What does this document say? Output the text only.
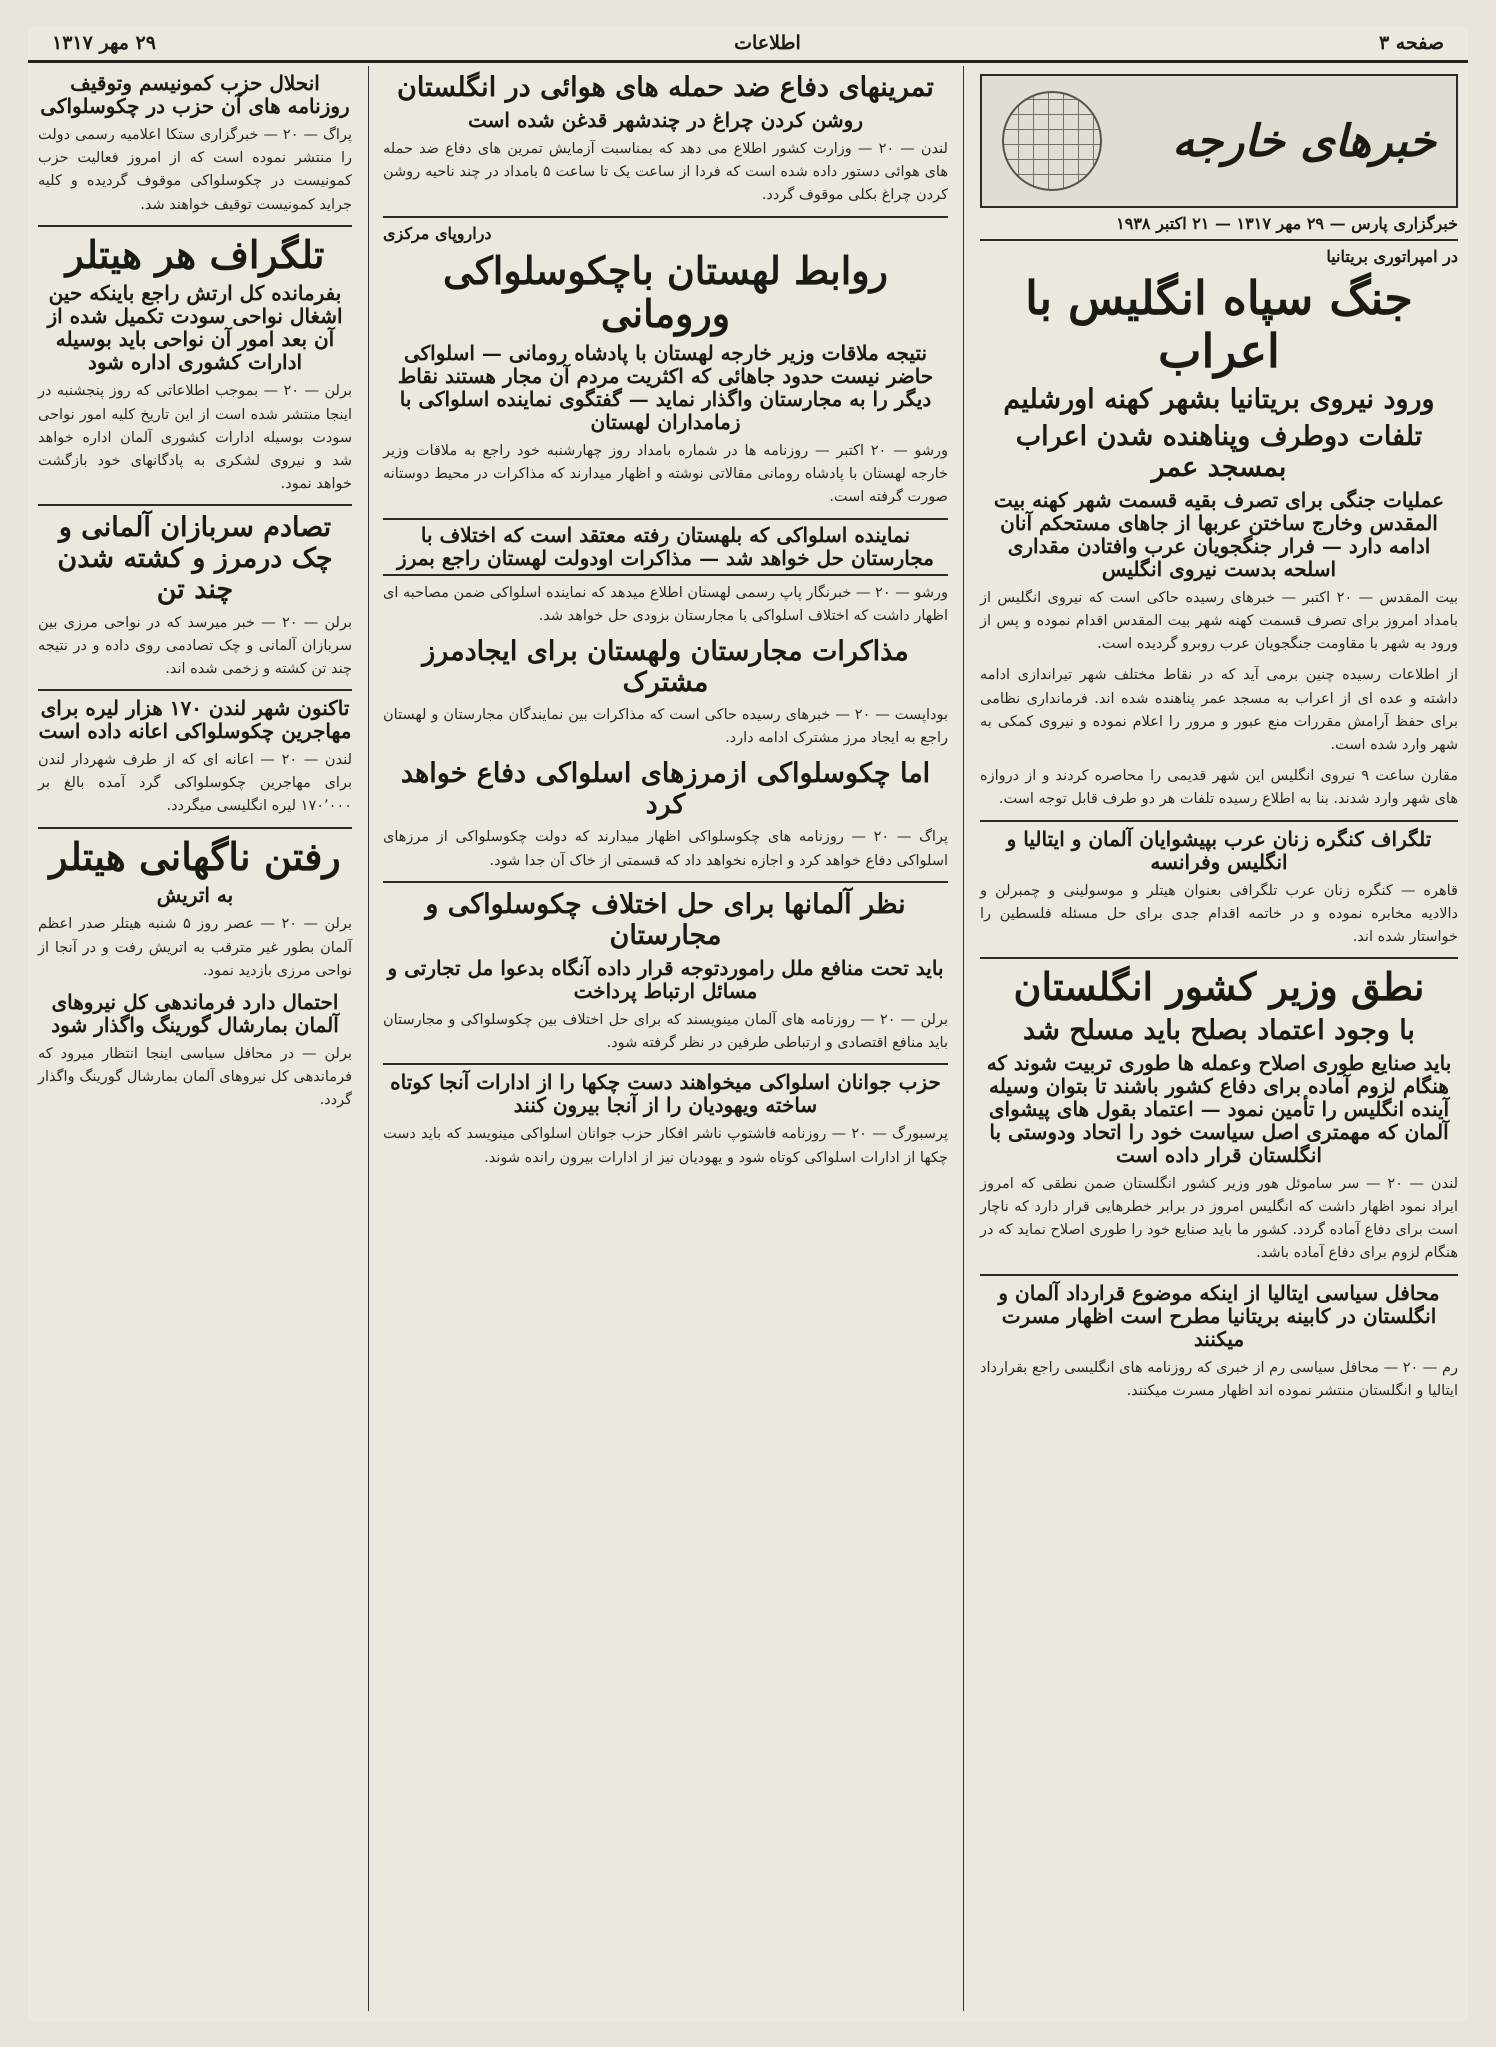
صفحه ۳
اطلاعات
۲۹ مهر ۱۳۱۷
خبرهای خارجه
خبرگزاری پارس — ۲۹ مهر ۱۳۱۷ — ۲۱ اکتبر ۱۹۳۸
در امپراتوری بریتانیا
جنگ سپاه انگلیس با اعراب
ورود نیروی بریتانیا بشهر کهنه اورشلیم
تلفات دوطرف وپناهنده شدن اعراب بمسجد عمر
عملیات جنگی برای تصرف بقیه قسمت شهر کهنه بیت المقدس وخارج ساختن عربها از جاهای مستحکم آنان ادامه دارد — فرار جنگجویان عرب وافتادن مقداری اسلحه بدست نیروی انگلیس
بیت المقدس — ۲۰ اکتبر — خبرهای رسیده حاکی است که نیروی انگلیس از بامداد امروز برای تصرف قسمت کهنه شهر بیت المقدس اقدام نموده و پس از ورود به شهر با مقاومت جنگجویان عرب روبرو گردیده است.
از اطلاعات رسیده چنین برمی آید که در نقاط مختلف شهر تیراندازی ادامه داشته و عده ای از اعراب به مسجد عمر پناهنده شده اند. فرمانداری نظامی برای حفظ آرامش مقررات منع عبور و مرور را اعلام نموده و نیروی کمکی به شهر وارد شده است.
مقارن ساعت ۹ نیروی انگلیس این شهر قدیمی را محاصره کردند و از دروازه های شهر وارد شدند. بنا به اطلاع رسیده تلفات هر دو طرف قابل توجه است.
تلگراف کنگره زنان عرب بپیشوایان آلمان و ایتالیا و انگلیس وفرانسه
قاهره — کنگره زنان عرب تلگرافی بعنوان هیتلر و موسولینی و چمبرلن و دالادیه مخابره نموده و در خاتمه اقدام جدی برای حل مسئله فلسطین را خواستار شده اند.
نطق وزیر کشور انگلستان
با وجود اعتماد بصلح باید مسلح شد
باید صنایع طوری اصلاح وعمله ها طوری تربیت شوند که هنگام لزوم آماده برای دفاع کشور باشند تا بتوان وسیله آینده انگلیس را تأمین نمود — اعتماد بقول های پیشوای آلمان که مهمتری اصل سیاست خود را اتحاد ودوستی با انگلستان قرار داده است
لندن — ۲۰ — سر ساموئل هور وزیر کشور انگلستان ضمن نطقی که امروز ایراد نمود اظهار داشت که انگلیس امروز در برابر خطرهایی قرار دارد که ناچار است برای دفاع آماده گردد. کشور ما باید صنایع خود را طوری اصلاح نماید که در هنگام لزوم برای دفاع آماده باشد.
محافل سیاسی ایتالیا از اینکه موضوع قرارداد آلمان و انگلستان در کابینه بریتانیا مطرح است اظهار مسرت میکنند
رم — ۲۰ — محافل سیاسی رم از خبری که روزنامه های انگلیسی راجع بقرارداد ایتالیا و انگلستان منتشر نموده اند اظهار مسرت میکنند.
تمرینهای دفاع ضد حمله های هوائی در انگلستان
روشن کردن چراغ در چندشهر قدغن شده است
لندن — ۲۰ — وزارت کشور اطلاع می دهد که بمناسبت آزمایش تمرین های دفاع ضد حمله های هوائی دستور داده شده است که فردا از ساعت یک تا ساعت ۵ بامداد در چند ناحیه روشن کردن چراغ بکلی موقوف گردد.
دراروپای مرکزی
روابط لهستان باچکوسلواکی ورومانی
نتیجه ملاقات وزیر خارجه لهستان با پادشاه رومانی — اسلواکی حاضر نیست حدود جاهائی که اکثریت مردم آن مجار هستند نقاط دیگر را به مجارستان واگذار نماید — گفتگوی نماینده اسلواکی با زمامداران لهستان
ورشو — ۲۰ اکتبر — روزنامه ها در شماره بامداد روز چهارشنبه خود راجع به ملاقات وزیر خارجه لهستان با پادشاه رومانی مقالاتی نوشته و اظهار میدارند که مذاکرات در محیط دوستانه صورت گرفته است.
نماینده اسلواکی که بلهستان رفته معتقد است که اختلاف با مجارستان حل خواهد شد — مذاکرات اودولت لهستان راجع بمرز
ورشو — ۲۰ — خبرنگار پاپ رسمی لهستان اطلاع میدهد که نماینده اسلواکی ضمن مصاحبه ای اظهار داشت که اختلاف اسلواکی با مجارستان بزودی حل خواهد شد.
مذاکرات مجارستان ولهستان برای ایجادمرز مشترک
بوداپست — ۲۰ — خبرهای رسیده حاکی است که مذاکرات بین نمایندگان مجارستان و لهستان راجع به ایجاد مرز مشترک ادامه دارد.
اما چکوسلواکی ازمرزهای اسلواکی دفاع خواهد کرد
پراگ — ۲۰ — روزنامه های چکوسلواکی اظهار میدارند که دولت چکوسلواکی از مرزهای اسلواکی دفاع خواهد کرد و اجازه نخواهد داد که قسمتی از خاک آن جدا شود.
نظر آلمانها برای حل اختلاف چکوسلواکی و مجارستان
باید تحت منافع ملل راموردتوجه قرار داده آنگاه بدعوا مل تجارتی و مسائل ارتباط پرداخت
برلن — ۲۰ — روزنامه های آلمان مینویسند که برای حل اختلاف بین چکوسلواکی و مجارستان باید منافع اقتصادی و ارتباطی طرفین در نظر گرفته شود.
حزب جوانان اسلواکی میخواهند دست چکها را از ادارات آنجا کوتاه ساخته ویهودیان را از آنجا بیرون کنند
پرسبورگ — ۲۰ — روزنامه فاشتوپ ناشر افکار حزب جوانان اسلواکی مینویسد که باید دست چکها از ادارات اسلواکی کوتاه شود و یهودیان نیز از ادارات بیرون رانده شوند.
انحلال حزب کمونیسم وتوقیف روزنامه های آن حزب در چکوسلواکی
پراگ — ۲۰ — خبرگزاری ستکا اعلامیه رسمی دولت را منتشر نموده است که از امروز فعالیت حزب کمونیست در چکوسلواکی موقوف گردیده و کلیه جراید کمونیست توقیف خواهند شد.
تلگراف هر هیتلر
بفرمانده کل ارتش راجع باینکه حین اشغال نواحی سودت تکمیل شده از آن بعد امور آن نواحی باید بوسیله ادارات کشوری اداره شود
برلن — ۲۰ — بموجب اطلاعاتی که روز پنجشنبه در اینجا منتشر شده است از این تاریخ کلیه امور نواحی سودت بوسیله ادارات کشوری آلمان اداره خواهد شد و نیروی لشکری به پادگانهای خود بازگشت خواهد نمود.
تصادم سربازان آلمانی و چک درمرز و کشته شدن چند تن
برلن — ۲۰ — خبر میرسد که در نواحی مرزی بین سربازان آلمانی و چک تصادمی روی داده و در نتیجه چند تن کشته و زخمی شده اند.
تاکنون شهر لندن ۱۷۰ هزار لیره برای مهاجرین چکوسلواکی اعانه داده است
لندن — ۲۰ — اعانه ای که از طرف شهردار لندن برای مهاجرین چکوسلواکی گرد آمده بالغ بر ۱۷۰٬۰۰۰ لیره انگلیسی میگردد.
رفتن ناگهانی هیتلر
به اتریش
برلن — ۲۰ — عصر روز ۵ شنبه هیتلر صدر اعظم آلمان بطور غیر مترقب به اتریش رفت و در آنجا از نواحی مرزی بازدید نمود.
احتمال دارد فرماندهی کل نیروهای آلمان بمارشال گورینگ واگذار شود
برلن — در محافل سیاسی اینجا انتظار میرود که فرماندهی کل نیروهای آلمان بمارشال گورینگ واگذار گردد.
